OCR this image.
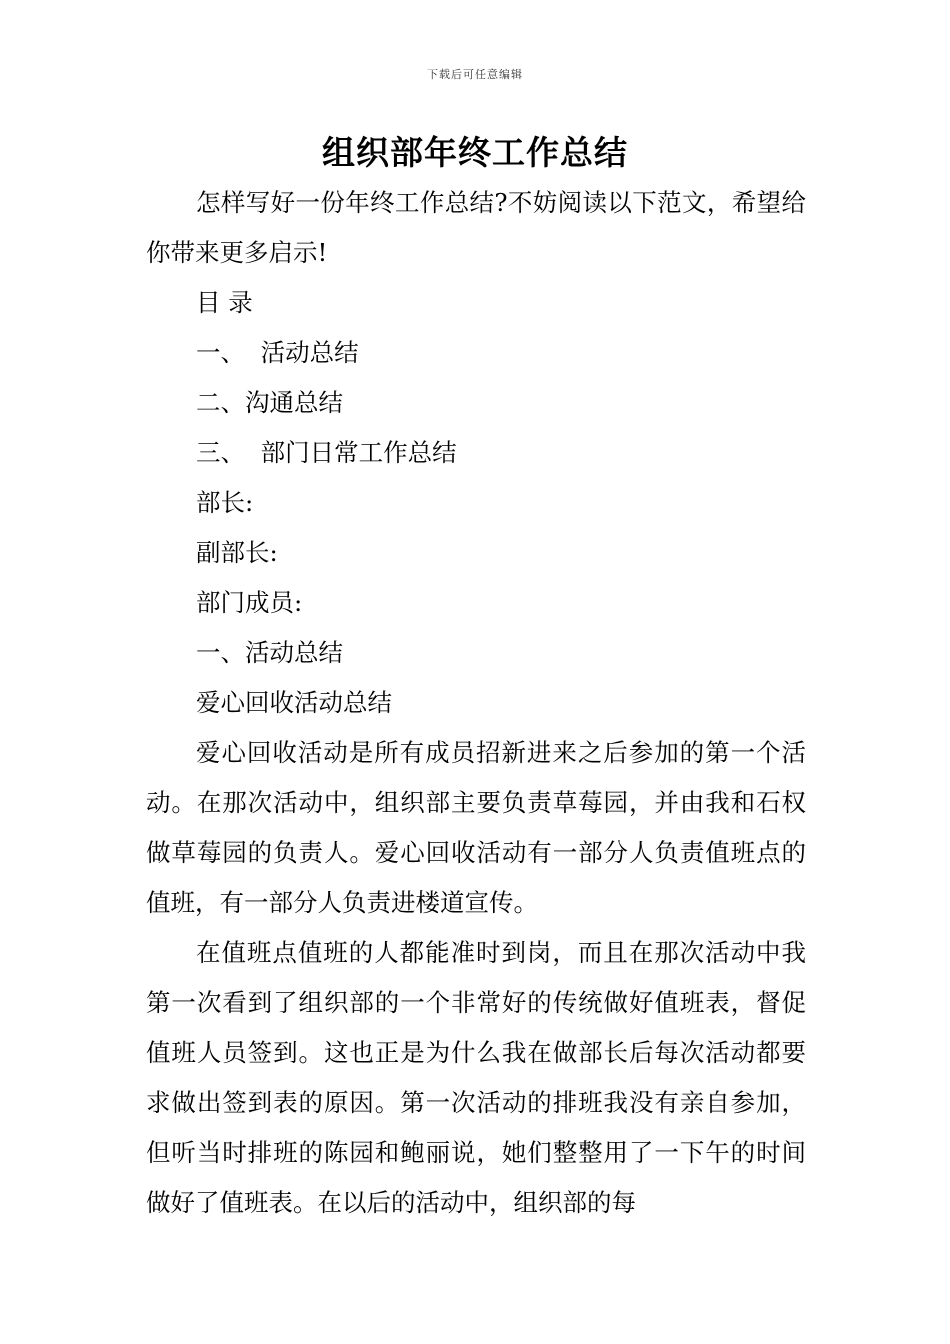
下载后可任意编辑
组织部年终工作总结

怎样写好一份年终工作总结?不妨阅读以下范文，希望给你带来更多启示!

目 录

一、  活动总结

二、沟通总结

三、  部门日常工作总结

部长:

副部长:

部门成员:

一、活动总结

爱心回收活动总结

爱心回收活动是所有成员招新进来之后参加的第一个活动。在那次活动中，组织部主要负责草莓园，并由我和石权做草莓园的负责人。爱心回收活动有一部分人负责值班点的值班，有一部分人负责进楼道宣传。

在值班点值班的人都能准时到岗，而且在那次活动中我第一次看到了组织部的一个非常好的传统做好值班表，督促值班人员签到。这也正是为什么我在做部长后每次活动都要求做出签到表的原因。第一次活动的排班我没有亲自参加，但听当时排班的陈园和鲍丽说，她们整整用了一下午的时间做好了值班表。在以后的活动中，组织部的每
